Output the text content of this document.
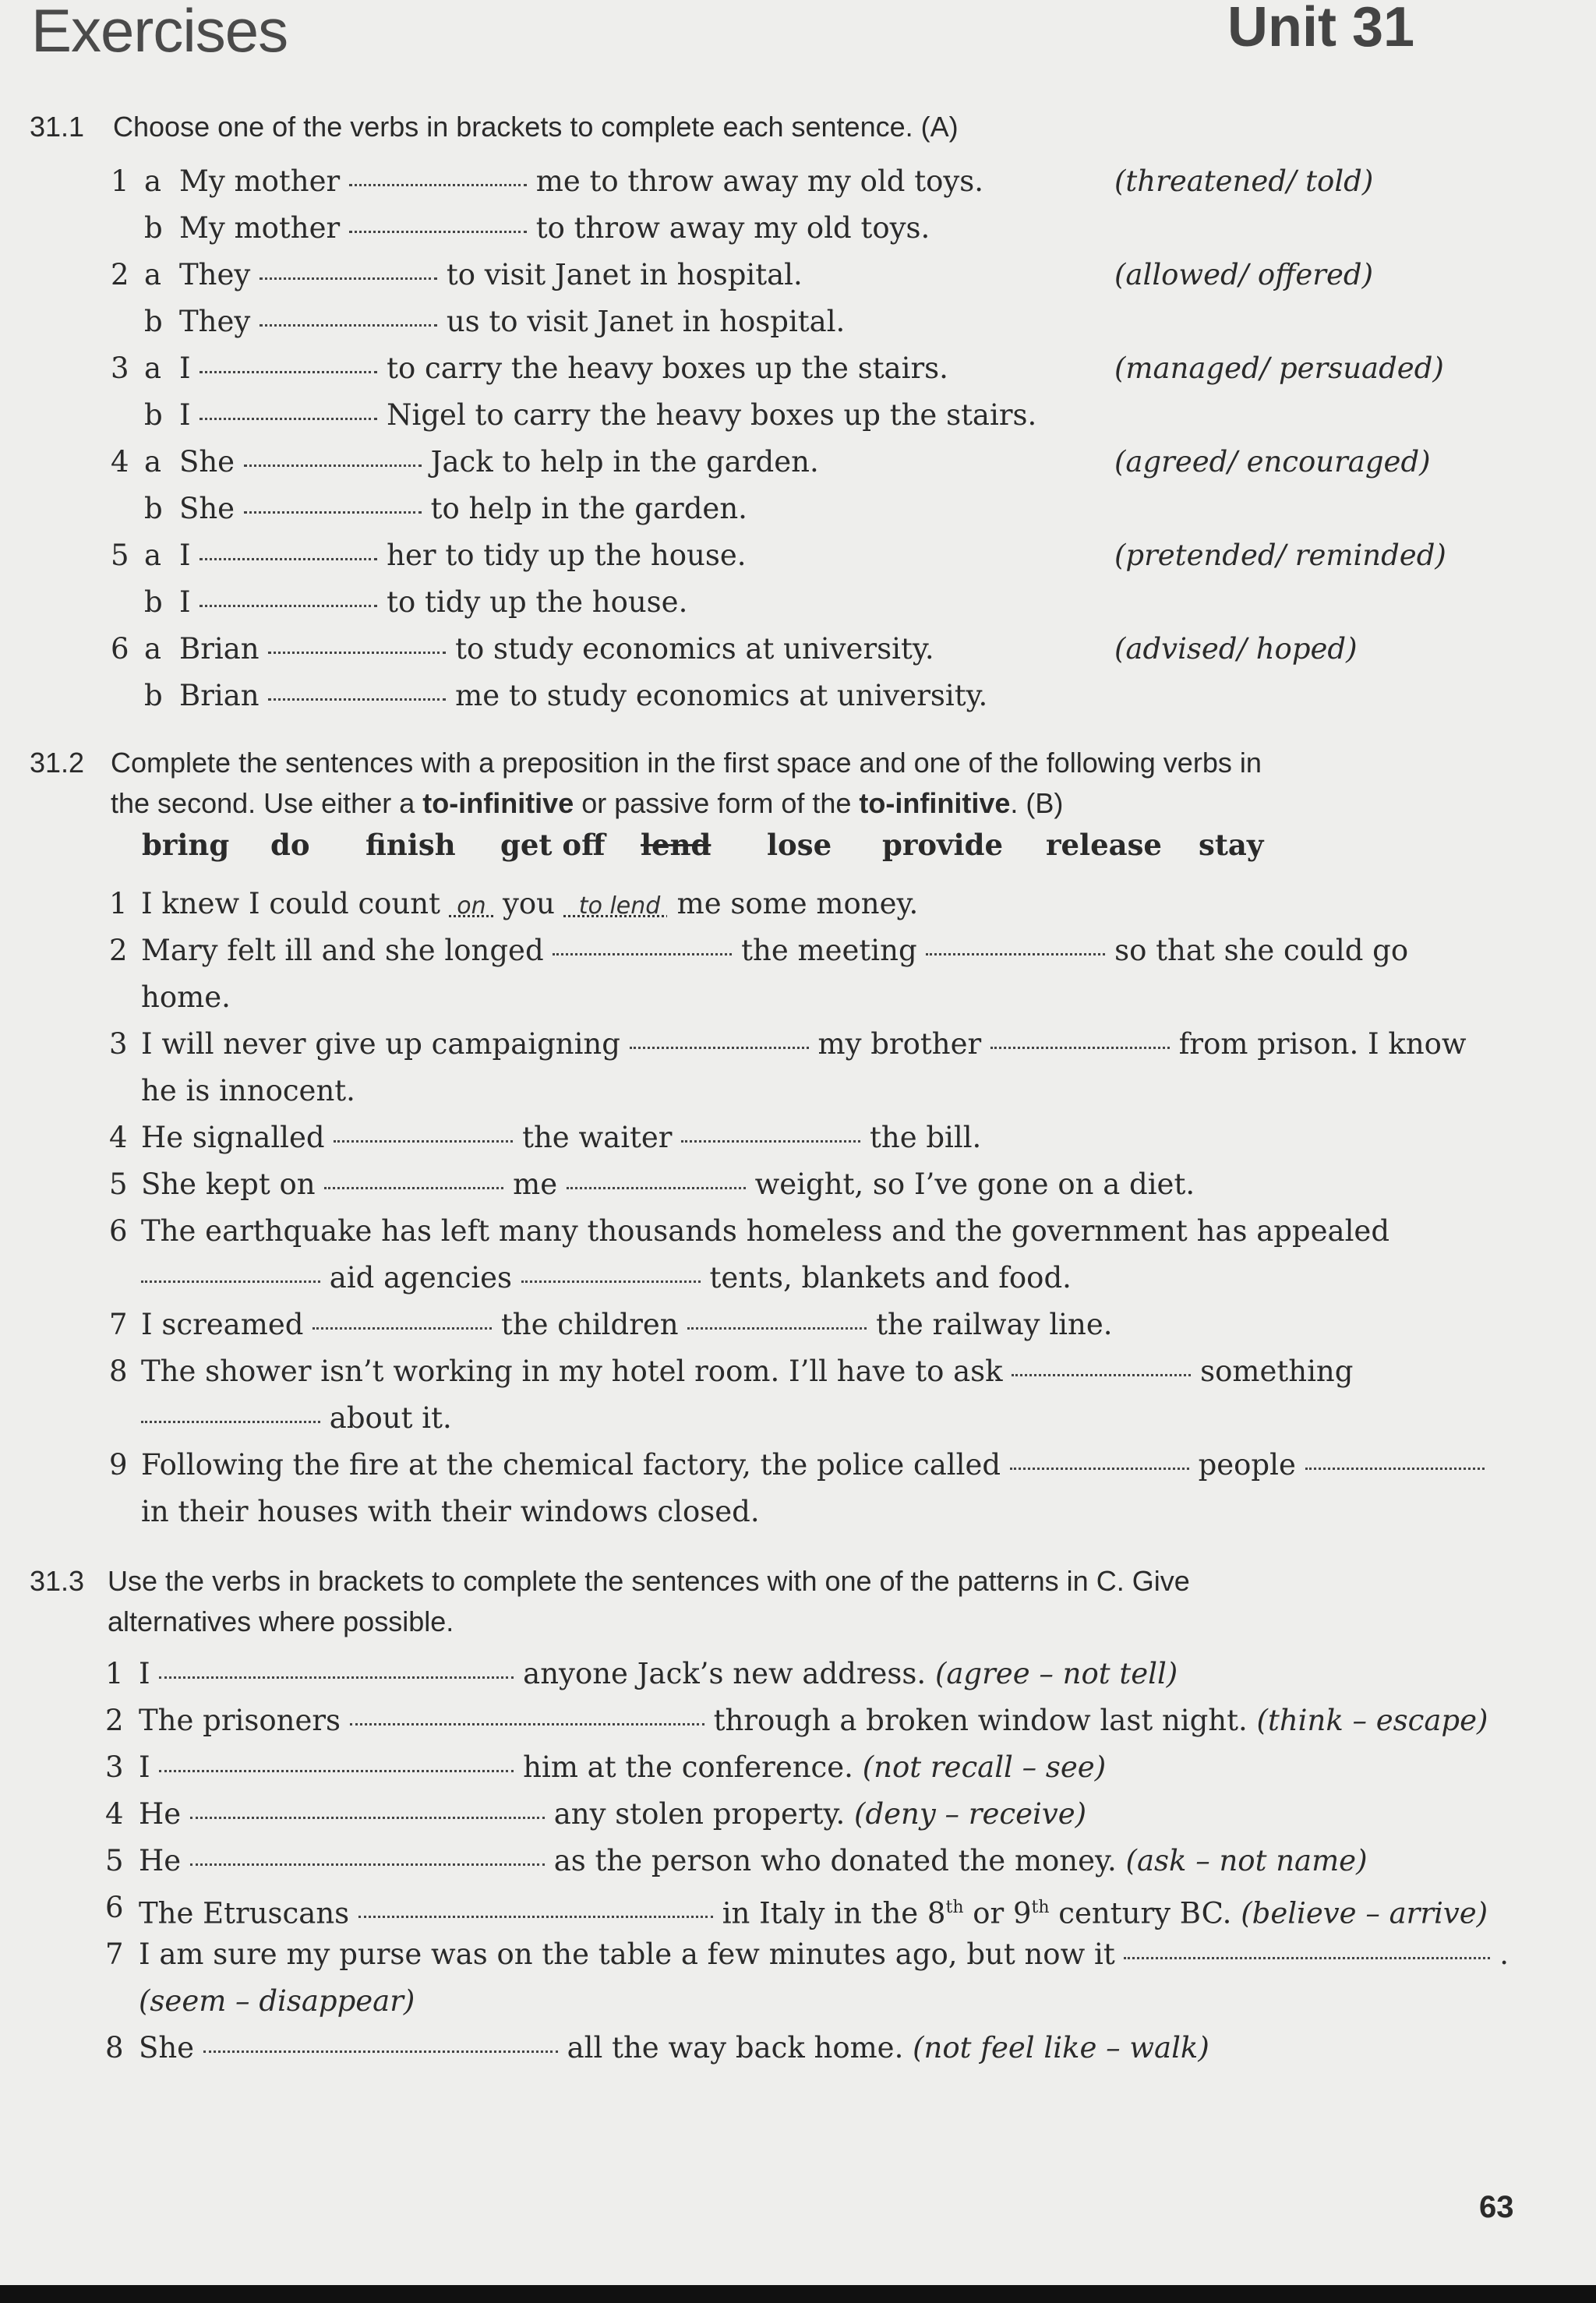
Exercises	Unit 31
31.1 Choose one of the verbs in brackets to complete each sentence. (A)
1 a My mother	me to throw away my old toys.	(threatened/ told)
b My mother	to throw away my old toys.
2 a They	to visit Janet in hospital.	(allowed/ offered)
b They	us to visit Janet in hospital.
3 a I	to carry the heavy boxes up the stairs.	(managed/ persuaded)
b I	Nigel to carry the heavy boxes up the stairs.
4 a She	Jack to help in the garden.	(agreed/ encouraged)
b She	to help in the garden.
5 a I	her to tidy up the house.	(pretended/ reminded)
b I	to tidy up the house.
6 a Brian	to study economics at university.	(advised/ hoped)
b Brian	me to study economics at university.
31.2 Complete the sentences with a preposition in the first space and one of the following verbs in
the second. Use either a to-infinitive or passive form of the to-infinitive. (B)
bring do finish get off lend lose provide release stay
1 I knew I could count  on  you   to lend  me some money.
2 Mary felt ill and she longed	the meeting	so that she could go
home.
3 I will never give up campaigning	my brother	from prison. I know
he is innocent.
4 He signalled	the waiter	the bill.
5 She kept on	me	weight, so I’ve gone on a diet.
6 The earthquake has left many thousands homeless and the government has appealed
aid agencies	tents, blankets and food.
7 I screamed	the children	the railway line.
8 The shower isn’t working in my hotel room. I’ll have to ask	something
about it.
9 Following the fire at the chemical factory, the police called	people
in their houses with their windows closed.
31.3 Use the verbs in brackets to complete the sentences with one of the patterns in C. Give
alternatives where possible.
1 I	anyone Jack’s new address. (agree – not tell)
2 The prisoners	through a broken window last night. (think – escape)
3 I	him at the conference. (not recall – see)
4 He	any stolen property. (deny – receive)
5 He	as the person who donated the money. (ask – not name)
6 The Etruscans	in Italy in the 8th or 9th century BC. (believe – arrive)
7 I am sure my purse was on the table a few minutes ago, but now it	.
(seem – disappear)
8 She	all the way back home. (not feel like – walk)
63
